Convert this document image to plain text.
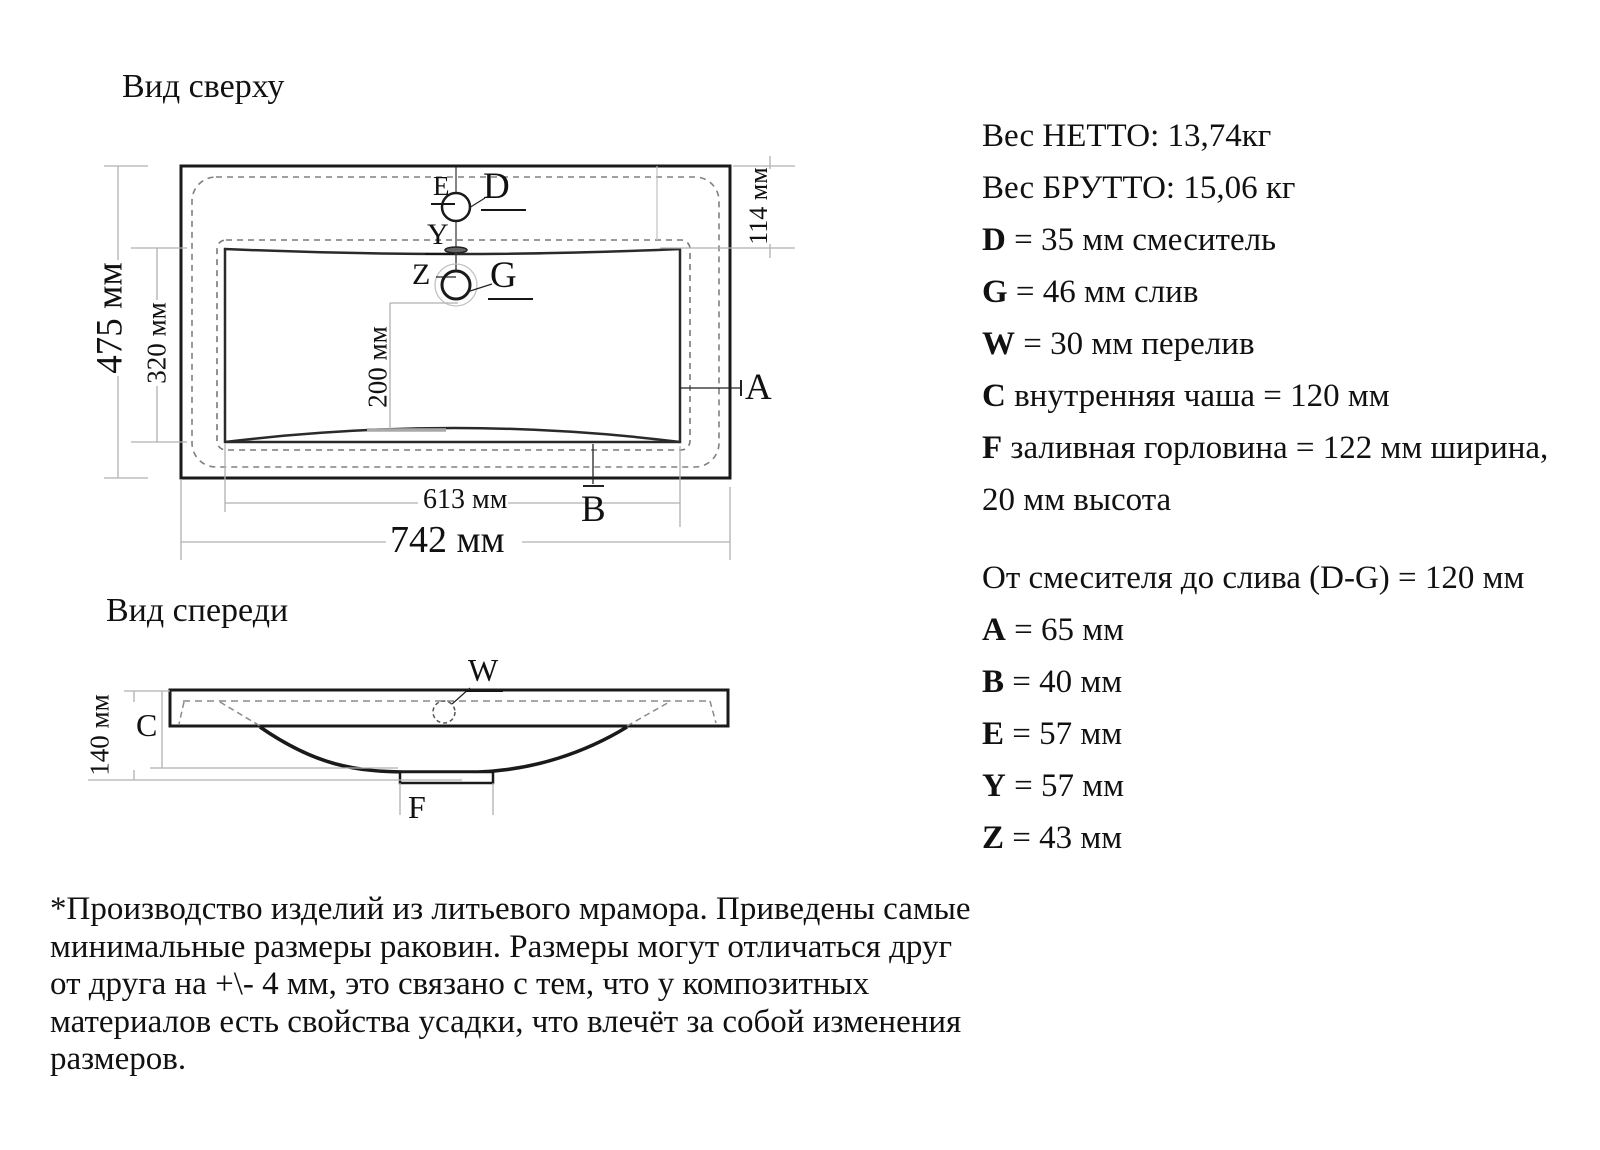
Вид сверху
Вид спереди
E D
Y
Z G
A
B
475 мм 320 мм	200 мм
613 мм
742 мм
114 мм
W
C
F
140 мм
Вес НЕТТО: 13,74кг
Вес БРУТТО: 15,06 кг
D = 35 мм смеситель
G = 46 мм слив
W = 30 мм перелив
C внутренняя чаша = 120 мм
F заливная горловина = 122 мм ширина,
20 мм высота
От смесителя до слива (D-G) = 120 мм
A = 65 мм
B = 40 мм
E = 57 мм
Y = 57 мм
Z = 43 мм
*Производство изделий из литьевого мрамора. Приведены самые
минимальные размеры раковин. Размеры могут отличаться друг
от друга на +\- 4 мм, это связано с тем, что у композитных
материалов есть свойства усадки, что влечёт за собой изменения
размеров.
